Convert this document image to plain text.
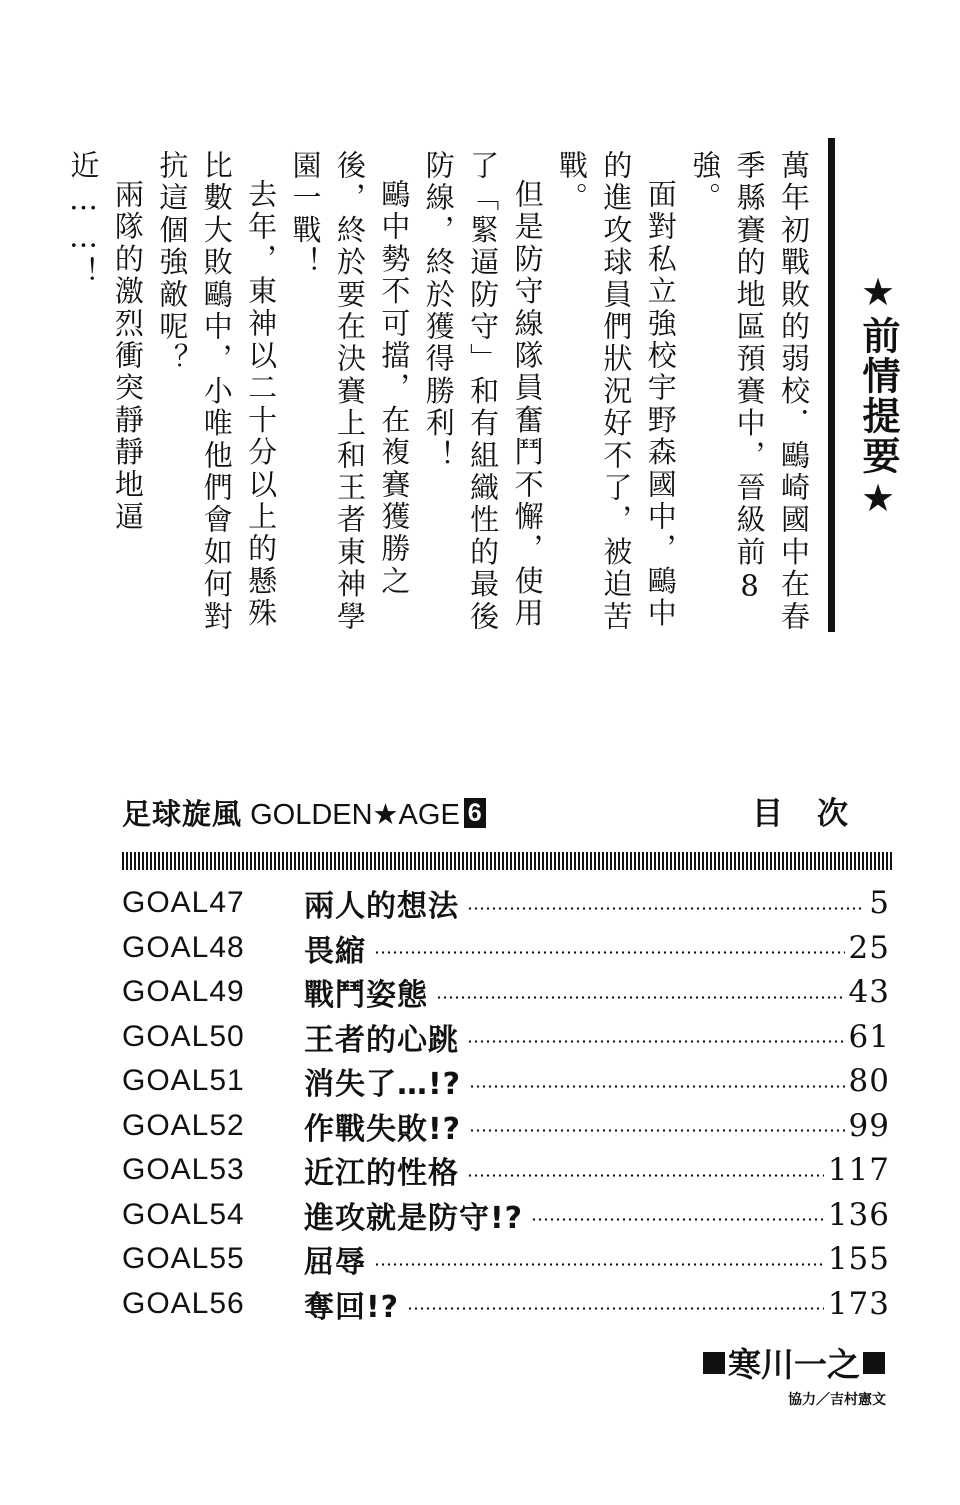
★前情提要★

萬年初戰敗的弱校．鷗崎國中在春季縣賽的地區預賽中，晉級前8強。

面對私立強校宇野森國中，鷗中的進攻球員們狀況好不了，被迫苦戰。

但是防守線隊員奮鬥不懈，使用了「緊逼防守」和有組織性的最後防線，終於獲得勝利！

鷗中勢不可擋，在複賽獲勝之後，終於要在決賽上和王者東神學園一戰！

去年，東神以二十分以上的懸殊比數大敗鷗中，小唯他們會如何對抗這個強敵呢？

兩隊的激烈衝突靜靜地逼近……！

足球旋風 GOLDEN★AGE 6	目次
GOAL47	兩人的想法	5
GOAL48	畏縮	25
GOAL49	戰鬥姿態	43
GOAL50	王者的心跳	61
GOAL51	消失了…!?	80
GOAL52	作戰失敗!?	99
GOAL53	近江的性格	117
GOAL54	進攻就是防守!?	136
GOAL55	屈辱	155
GOAL56	奪回!?	173
寒川一之
協力／吉村憲文
